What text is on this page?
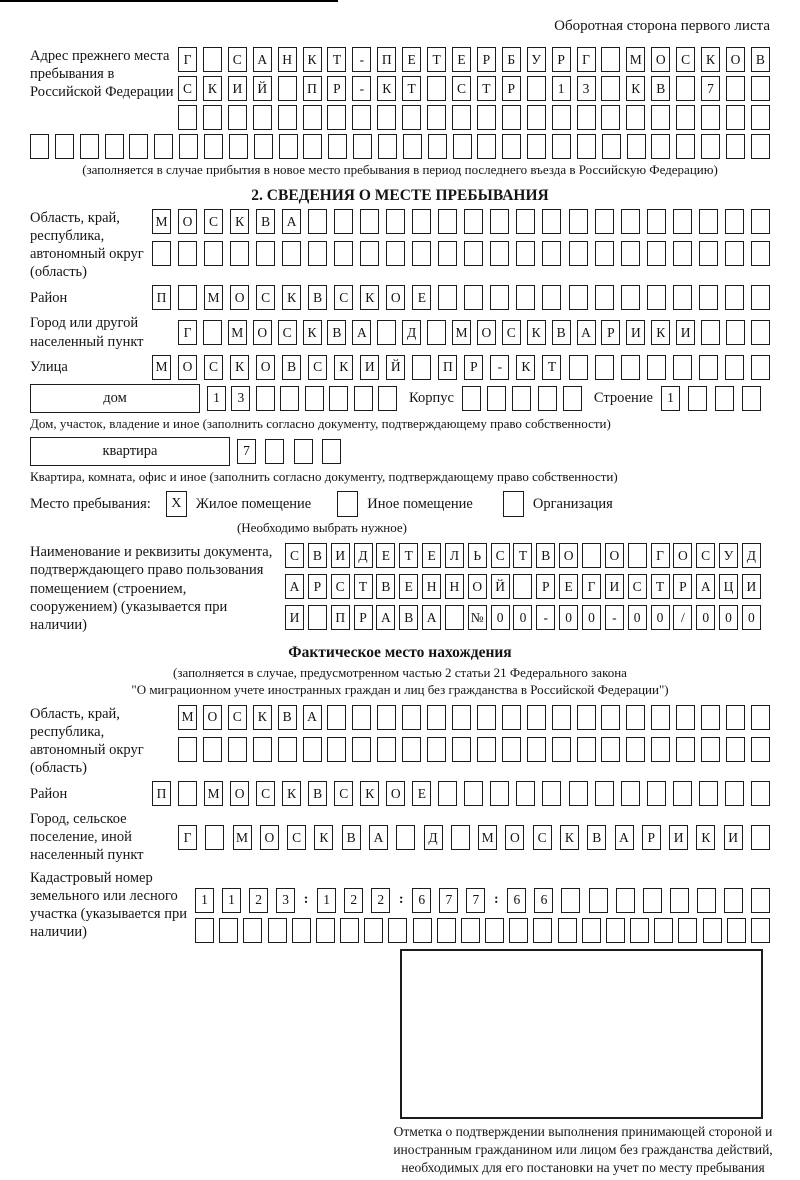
Оборотная сторона первого листа
Адрес прежнего места пребывания в Российской Федерации
Г	С	А	Н	К	Т	-	П	Е	Т	Е	Р	Б	У	Р	Г	М	О	С	К	О	В
С	К	И	Й	П	Р	-	К	Т	С	Т	Р	1	3	К	В	7
(заполняется в случае прибытия в новое место пребывания в период последнего въезда в Российскую Федерацию)
2. СВЕДЕНИЯ О МЕСТЕ ПРЕБЫВАНИЯ
Область, край, республика, автономный округ (область)
М	О	С	К	В	А
Район	П	М	О	С	К	В	С	К	О	Е
Город или другой населенный пункт
Г	М	О	С	К	В	А	Д	М	О	С	К	В	А	Р	И	К	И
Улица	М	О	С	К	О	В	С	К	И	Й	П	Р	-	К	Т
дом	1	3	Корпус	Строение	1
Дом, участок, владение и иное (заполнить согласно документу, подтверждающему право собственности)
квартира	7
Квартира, комната, офис и иное (заполнить согласно документу, подтверждающему право собственности)
Место пребывания:	X Жилое помещение	Иное помещение	Организация
(Необходимо выбрать нужное)
Наименование и реквизиты документа, подтверждающего право пользования помещением (строением, сооружением) (указывается при наличии)
С	В И Д	Е	Т	Е	Л	Ь	С	Т	В О	О	Г	О С	У Д
А	Р	С	Т	В	Е	Н Н О Й	Р	Е	Г	И С	Т	Р	А Ц И
И	П	Р	А В А	№ 0	0	-	0	0	-	0	0	/	0	0	0
Фактическое место нахождения
(заполняется в случае, предусмотренном частью 2 статьи 21 Федерального закона
"О миграционном учете иностранных граждан и лиц без гражданства в Российской Федерации")
Область, край, республика, автономный округ (область)
М	О	С	К	В	А
Район	П	М	О	С	К	В	С	К	О	Е
Город, сельское поселение, иной населенный пункт
Г	М	О	С	К	В	А	Д	М	О	С	К	В	А	Р	И	К	И
Кадастровый номер земельного или лесного участка (указывается при наличии)
1	1	2	3	:	1	2	2	:	6	7	7	:	6	6
Отметка о подтверждении выполнения принимающей стороной и иностранным гражданином или лицом без гражданства действий, необходимых для его постановки на учет по месту пребывания
